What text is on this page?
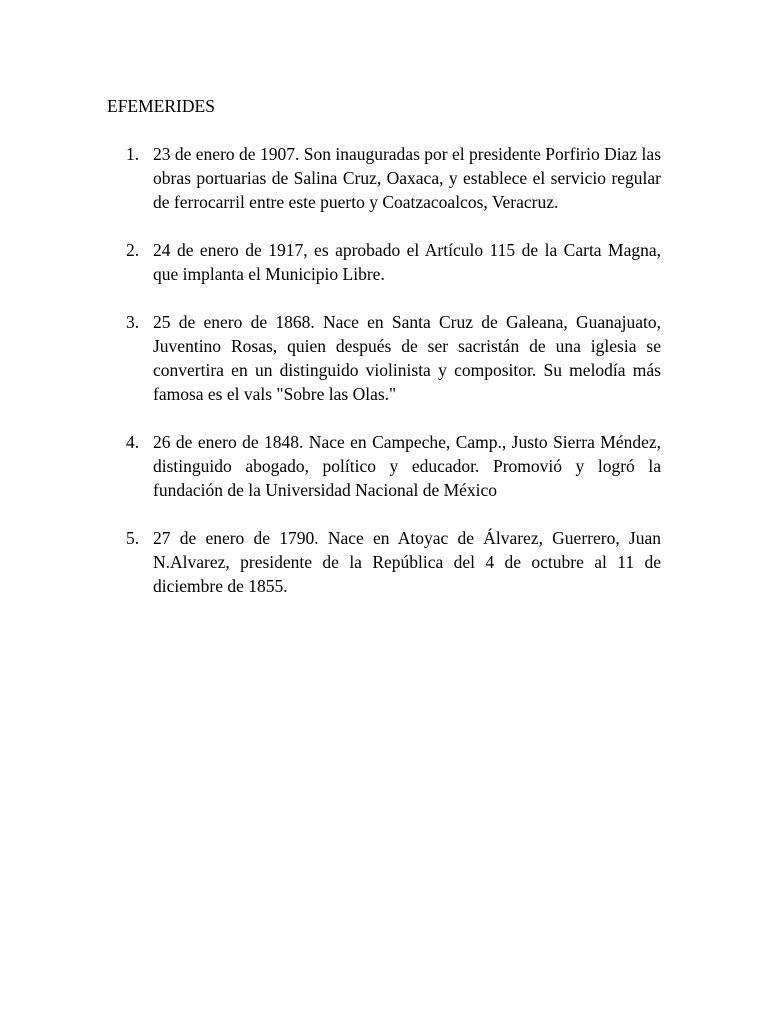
EFEMERIDES
1. 23 de enero de 1907. Son inauguradas por el presidente Porfirio Diaz las obras portuarias de Salina Cruz, Oaxaca, y establece el servicio regular de ferrocarril entre este puerto y Coatzacoalcos, Veracruz.
2. 24 de enero de 1917, es aprobado el Artículo 115 de la Carta Magna, que implanta el Municipio Libre.
3. 25 de enero de 1868. Nace en Santa Cruz de Galeana, Guanajuato, Juventino Rosas, quien después de ser sacristán de una iglesia se convertira en un distinguido violinista y compositor. Su melodía más famosa es el vals "Sobre las Olas."
4. 26 de enero de 1848. Nace en Campeche, Camp., Justo Sierra Méndez, distinguido abogado, político y educador. Promovió y logró la fundación de la Universidad Nacional de México
5. 27 de enero de 1790. Nace en Atoyac de Álvarez, Guerrero, Juan N.Alvarez, presidente de la República del 4 de octubre al 11 de diciembre de 1855.
